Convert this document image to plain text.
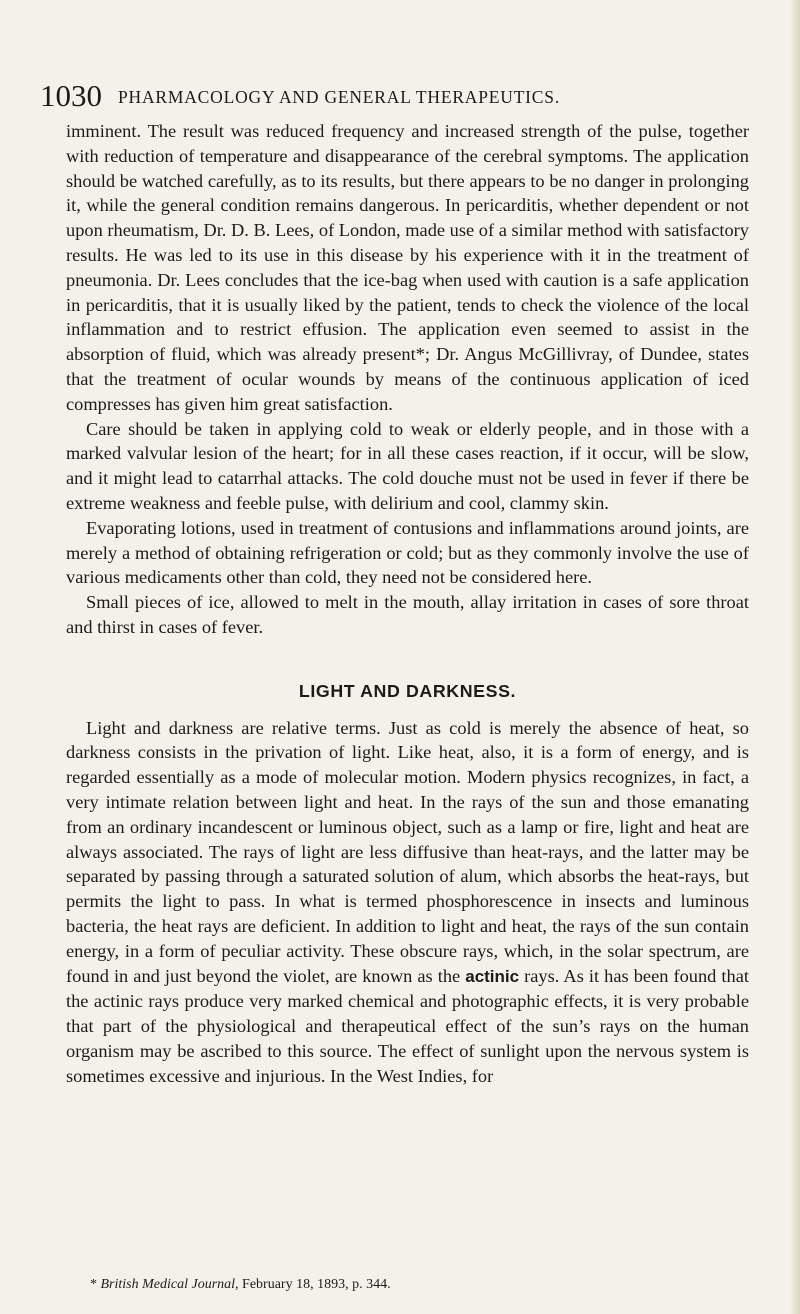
1030 PHARMACOLOGY AND GENERAL THERAPEUTICS.

imminent. The result was reduced frequency and increased strength of the pulse, together with reduction of temperature and disappearance of the cerebral symptoms. The application should be watched carefully, as to its results, but there appears to be no danger in prolonging it, while the general condition remains dangerous. In pericarditis, whether dependent or not upon rheumatism, Dr. D. B. Lees, of London, made use of a similar method with satisfactory results. He was led to its use in this disease by his experience with it in the treatment of pneumonia. Dr. Lees concludes that the ice-bag when used with caution is a safe application in pericarditis, that it is usually liked by the patient, tends to check the violence of the local inflammation and to restrict effusion. The application even seemed to assist in the absorption of fluid, which was already present*; Dr. Angus McGillivray, of Dundee, states that the treatment of ocular wounds by means of the continuous application of iced compresses has given him great satisfaction.

Care should be taken in applying cold to weak or elderly people, and in those with a marked valvular lesion of the heart; for in all these cases reaction, if it occur, will be slow, and it might lead to catarrhal attacks. The cold douche must not be used in fever if there be extreme weakness and feeble pulse, with delirium and cool, clammy skin.

Evaporating lotions, used in treatment of contusions and inflammations around joints, are merely a method of obtaining refrigeration or cold; but as they commonly involve the use of various medicaments other than cold, they need not be considered here.

Small pieces of ice, allowed to melt in the mouth, allay irritation in cases of sore throat and thirst in cases of fever.

LIGHT AND DARKNESS.

Light and darkness are relative terms. Just as cold is merely the absence of heat, so darkness consists in the privation of light. Like heat, also, it is a form of energy, and is regarded essentially as a mode of molecular motion. Modern physics recognizes, in fact, a very intimate relation between light and heat. In the rays of the sun and those emanating from an ordinary incandescent or luminous object, such as a lamp or fire, light and heat are always associated. The rays of light are less diffusive than heat-rays, and the latter may be separated by passing through a saturated solution of alum, which absorbs the heat-rays, but permits the light to pass. In what is termed phosphorescence in insects and luminous bacteria, the heat rays are deficient. In addition to light and heat, the rays of the sun contain energy, in a form of peculiar activity. These obscure rays, which, in the solar spectrum, are found in and just beyond the violet, are known as the actinic rays. As it has been found that the actinic rays produce very marked chemical and photographic effects, it is very probable that part of the physiological and therapeutical effect of the sun’s rays on the human organism may be ascribed to this source. The effect of sunlight upon the nervous system is sometimes excessive and injurious. In the West Indies, for

* British Medical Journal, February 18, 1893, p. 344.
